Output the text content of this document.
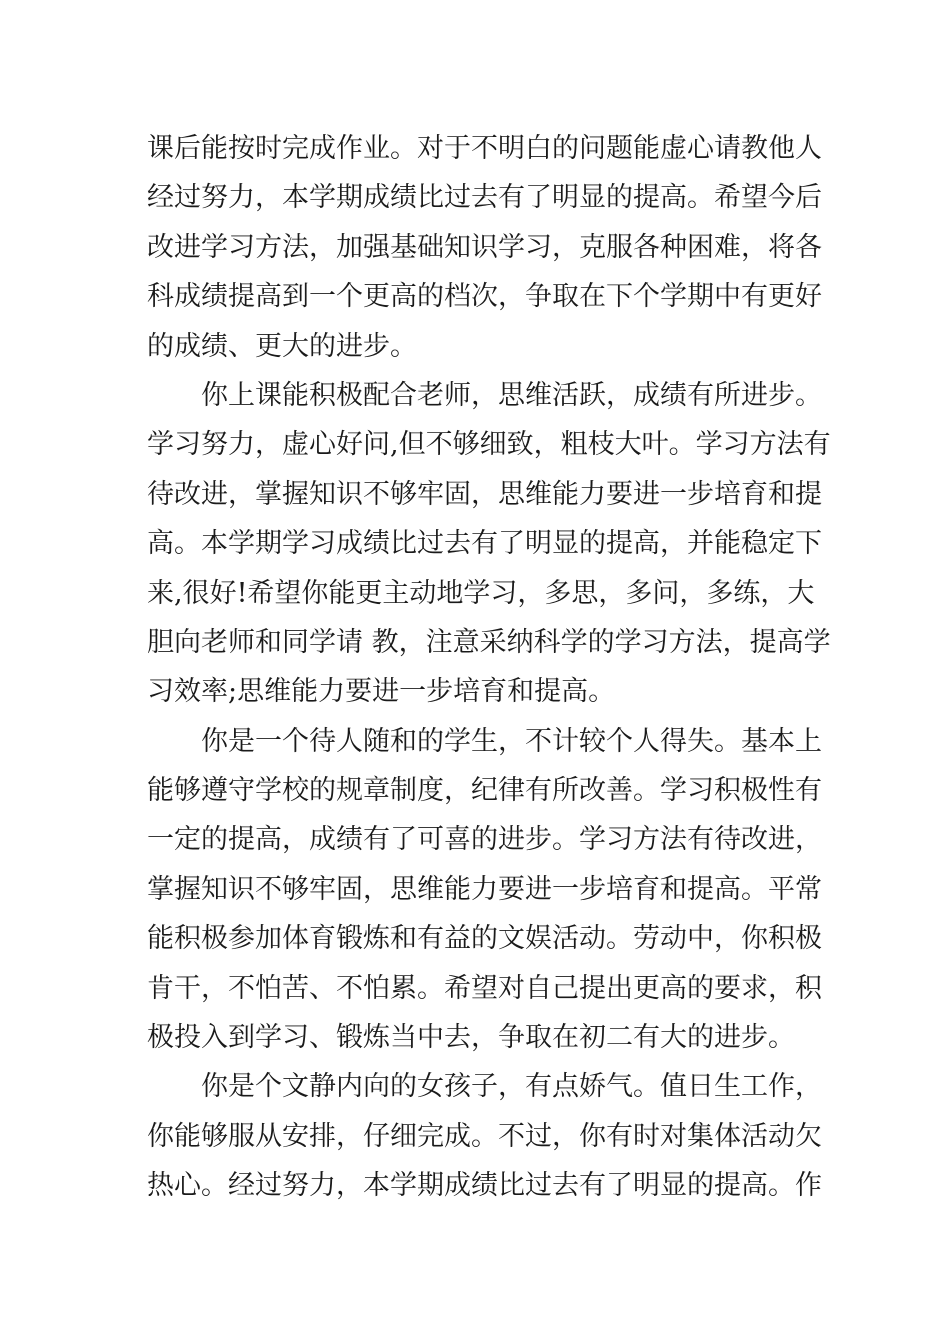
课后能按时完成作业。对于不明白的问题能虚心请教他人
经过努力，本学期成绩比过去有了明显的提高。希望今后
改进学习方法，加强基础知识学习，克服各种困难，将各
科成绩提高到一个更高的档次，争取在下个学期中有更好
的成绩、更大的进步。
你上课能积极配合老师，思维活跃，成绩有所进步。
学习努力，虚心好问,但不够细致，粗枝大叶。学习方法有
待改进，掌握知识不够牢固，思维能力要进一步培育和提
高。本学期学习成绩比过去有了明显的提高，并能稳定下
来,很好!希望你能更主动地学习，多思，多问，多练，大
胆向老师和同学请 教，注意采纳科学的学习方法，提高学
习效率;思维能力要进一步培育和提高。
你是一个待人随和的学生，不计较个人得失。基本上
能够遵守学校的规章制度，纪律有所改善。学习积极性有
一定的提高，成绩有了可喜的进步。学习方法有待改进，
掌握知识不够牢固，思维能力要进一步培育和提高。平常
能积极参加体育锻炼和有益的文娱活动。劳动中，你积极
肯干，不怕苦、不怕累。希望对自己提出更高的要求，积
极投入到学习、锻炼当中去，争取在初二有大的进步。
你是个文静内向的女孩子，有点娇气。值日生工作，
你能够服从安排，仔细完成。不过，你有时对集体活动欠
热心。经过努力，本学期成绩比过去有了明显的提高。作
